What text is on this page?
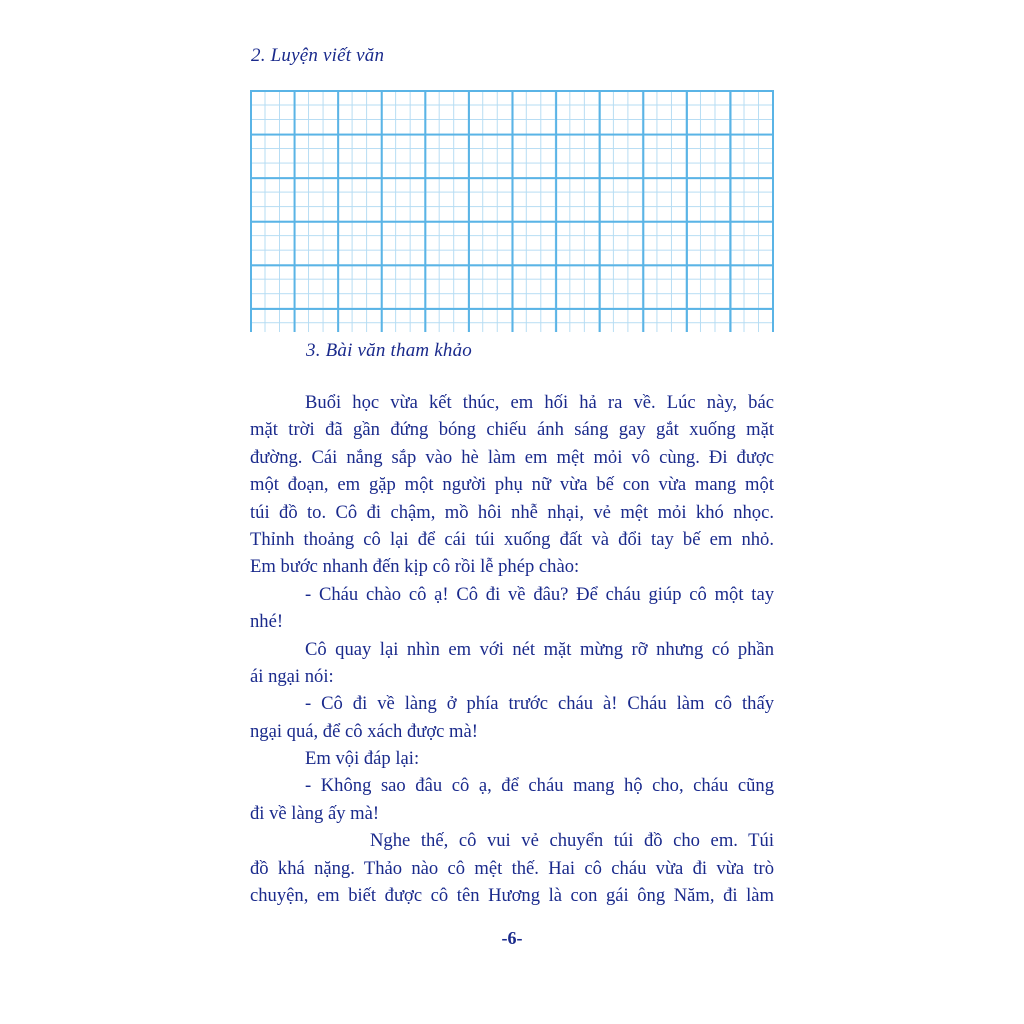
2. Luyện viết văn
3. Bài văn tham khảo
Buổi học vừa kết thúc, em hối hả ra về. Lúc này, bác
mặt trời đã gần đứng bóng chiếu ánh sáng gay gắt xuống mặt
đường. Cái nắng sắp vào hè làm em mệt mỏi vô cùng. Đi được
một đoạn, em gặp một người phụ nữ vừa bế con vừa mang một
túi đồ to. Cô đi chậm, mồ hôi nhễ nhại, vẻ mệt mỏi khó nhọc.
Thỉnh thoảng cô lại để cái túi xuống đất và đổi tay bế em nhỏ.
Em bước nhanh đến kịp cô rồi lễ phép chào:
- Cháu chào cô ạ! Cô đi về đâu? Để cháu giúp cô một tay
nhé!
Cô quay lại nhìn em với nét mặt mừng rỡ nhưng có phần
ái ngại nói:
- Cô đi về làng ở phía trước cháu à! Cháu làm cô thấy
ngại quá, để cô xách được mà!
Em vội đáp lại:
- Không sao đâu cô ạ, để cháu mang hộ cho, cháu cũng
đi về làng ấy mà!
Nghe thế, cô vui vẻ chuyển túi đồ cho em. Túi
đồ khá nặng. Thảo nào cô mệt thế. Hai cô cháu vừa đi vừa trò
chuyện, em biết được cô tên Hương là con gái ông Năm, đi làm
-6-
